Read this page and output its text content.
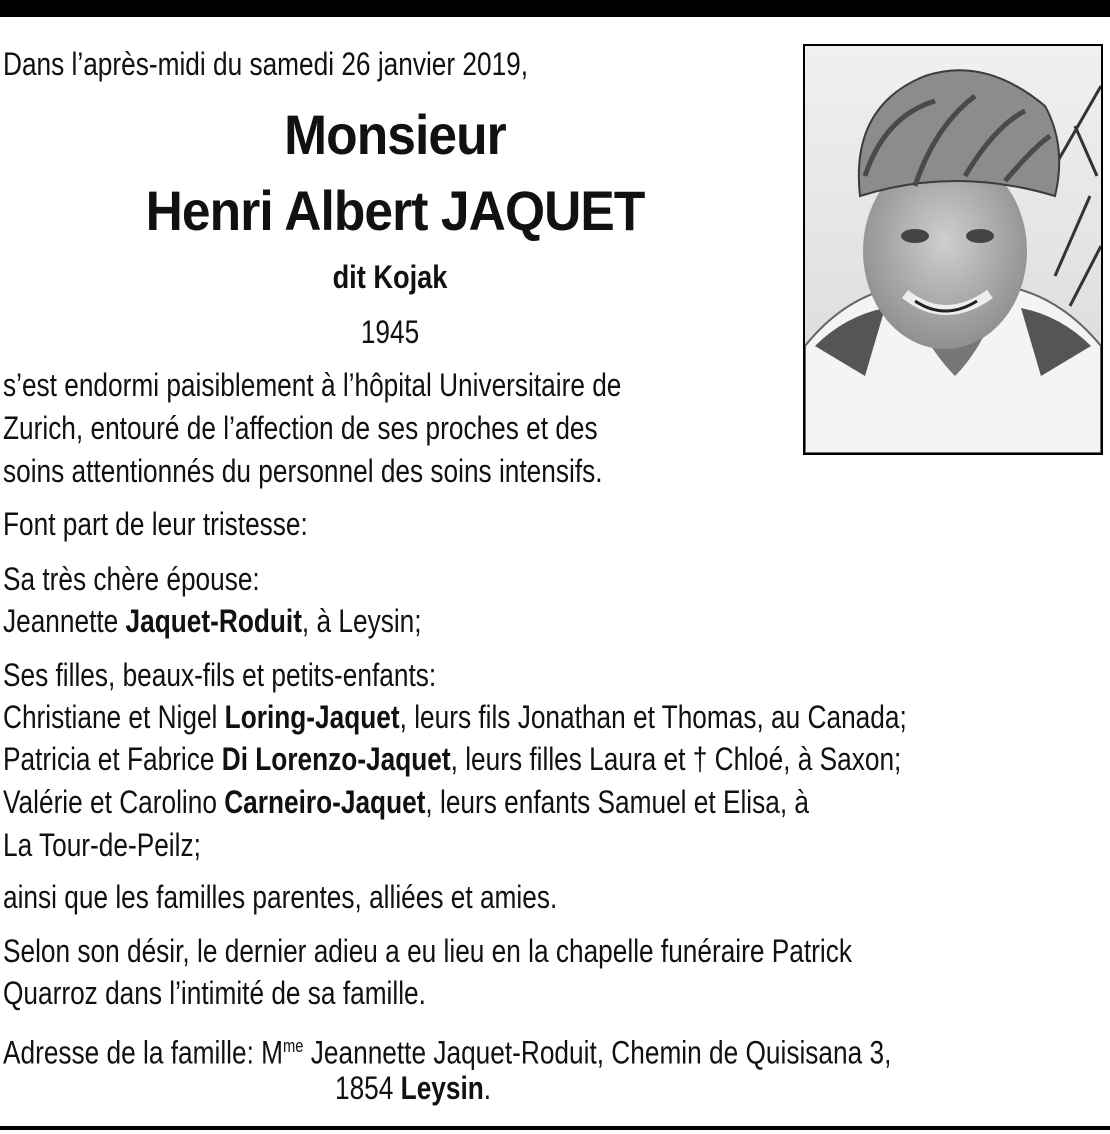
Dans l’après-midi du samedi 26 janvier 2019,

Monsieur
Henri Albert JAQUET
dit Kojak
1945

s’est endormi paisiblement à l’hôpital Universitaire de

Zurich, entouré de l’affection de ses proches et des

soins attentionnés du personnel des soins intensifs.

Font part de leur tristesse:

Sa très chère épouse:

Jeannette Jaquet-Roduit, à Leysin;

Ses filles, beaux-fils et petits-enfants:

Christiane et Nigel Loring-Jaquet, leurs fils Jonathan et Thomas, au Canada;

Patricia et Fabrice Di Lorenzo-Jaquet, leurs filles Laura et † Chloé, à Saxon;

Valérie et Carolino Carneiro-Jaquet, leurs enfants Samuel et Elisa, à

La Tour-de-Peilz;

ainsi que les familles parentes, alliées et amies.

Selon son désir, le dernier adieu a eu lieu en la chapelle funéraire Patrick

Quarroz dans l’intimité de sa famille.

Adresse de la famille: $M^{me}$ Jeannette Jaquet-Roduit, Chemin de Quisisana 3,

1854 Leysin.
